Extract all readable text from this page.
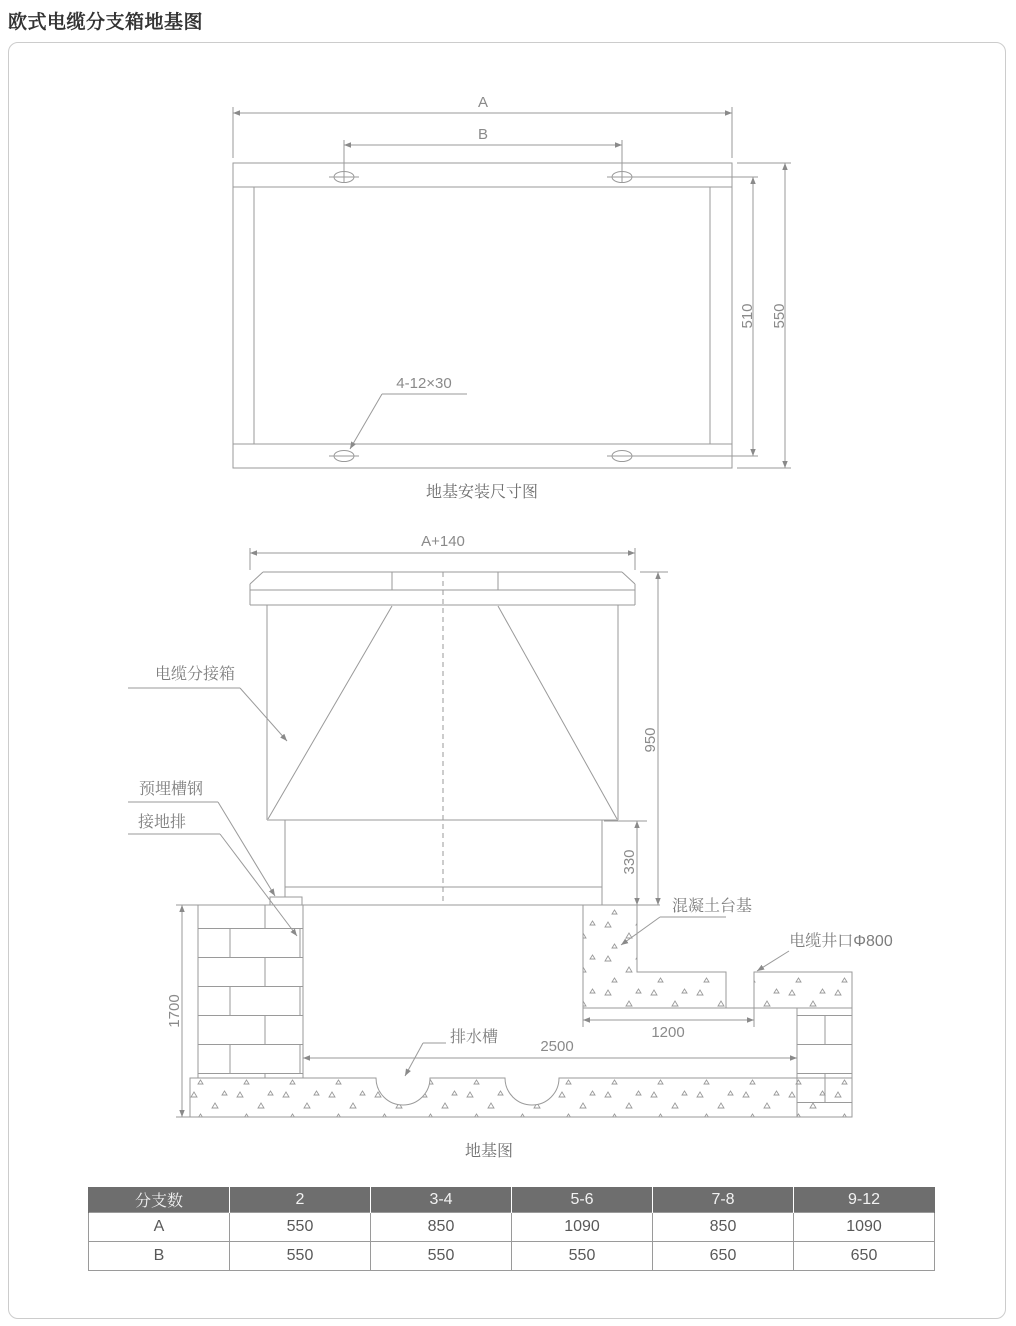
欧式电缆分支箱地基图
A
B
510 550
4-12×30
地基安装尺寸图
A+140
950
330
1700
2500
1200
电缆分接箱
预埋槽钢
接地排
混凝土台基
电缆井口Φ800
排水槽
地基图
分支数	2	3-4	5-6	7-8	9-12
A	550	850	1090	850	1090
B	550	550	550	650	650
